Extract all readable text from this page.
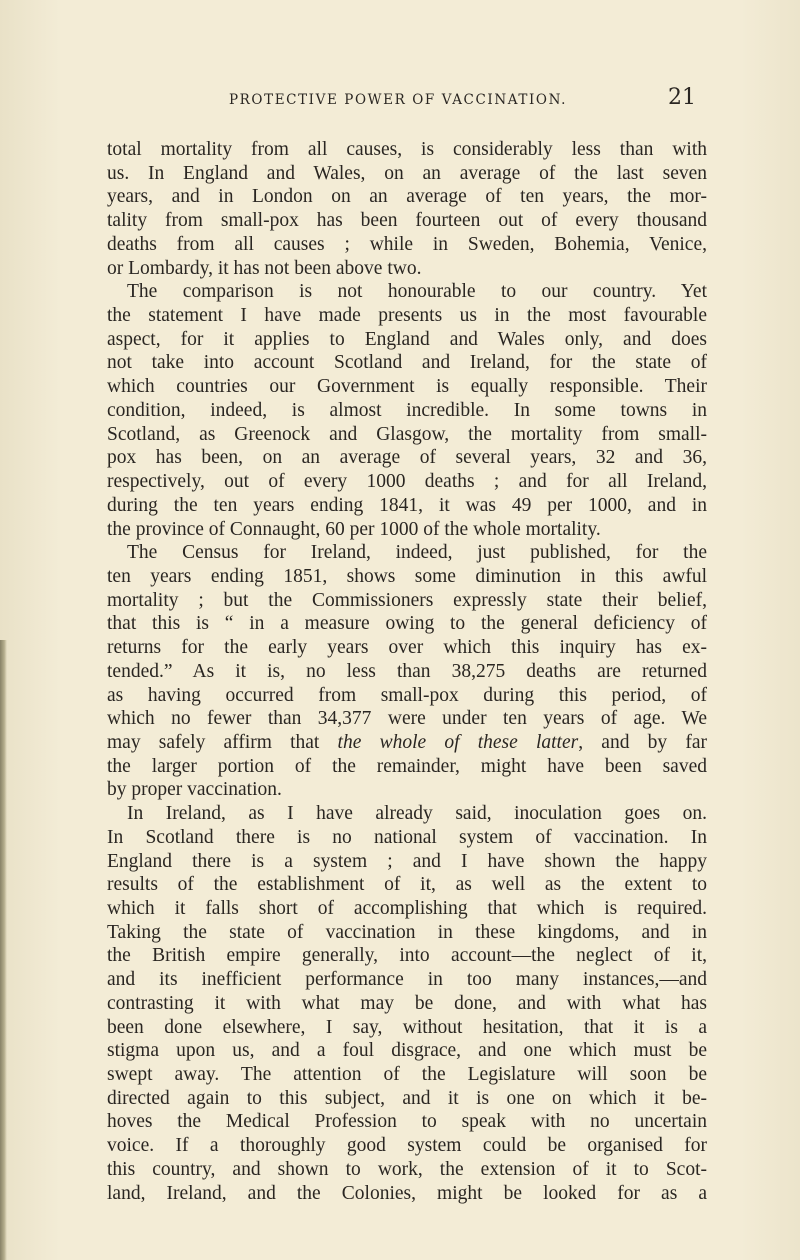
PROTECTIVE POWER OF VACCINATION.	21
total mortality from all causes, is considerably less than with
us. In England and Wales, on an average of the last seven
years, and in London on an average of ten years, the mor-
tality from small-pox has been fourteen out of every thousand
deaths from all causes ; while in Sweden, Bohemia, Venice,
or Lombardy, it has not been above two.
The comparison is not honourable to our country. Yet
the statement I have made presents us in the most favourable
aspect, for it applies to England and Wales only, and does
not take into account Scotland and Ireland, for the state of
which countries our Government is equally responsible. Their
condition, indeed, is almost incredible. In some towns in
Scotland, as Greenock and Glasgow, the mortality from small-
pox has been, on an average of several years, 32 and 36,
respectively, out of every 1000 deaths ; and for all Ireland,
during the ten years ending 1841, it was 49 per 1000, and in
the province of Connaught, 60 per 1000 of the whole mortality.
The Census for Ireland, indeed, just published, for the
ten years ending 1851, shows some diminution in this awful
mortality ; but the Commissioners expressly state their belief,
that this is “ in a measure owing to the general deficiency of
returns for the early years over which this inquiry has ex-
tended.” As it is, no less than 38,275 deaths are returned
as having occurred from small-pox during this period, of
which no fewer than 34,377 were under ten years of age. We
may safely affirm that the whole of these latter, and by far
the larger portion of the remainder, might have been saved
by proper vaccination.
In Ireland, as I have already said, inoculation goes on.
In Scotland there is no national system of vaccination. In
England there is a system ; and I have shown the happy
results of the establishment of it, as well as the extent to
which it falls short of accomplishing that which is required.
Taking the state of vaccination in these kingdoms, and in
the British empire generally, into account—the neglect of it,
and its inefficient performance in too many instances,—and
contrasting it with what may be done, and with what has
been done elsewhere, I say, without hesitation, that it is a
stigma upon us, and a foul disgrace, and one which must be
swept away. The attention of the Legislature will soon be
directed again to this subject, and it is one on which it be-
hoves the Medical Profession to speak with no uncertain
voice. If a thoroughly good system could be organised for
this country, and shown to work, the extension of it to Scot-
land, Ireland, and the Colonies, might be looked for as a
